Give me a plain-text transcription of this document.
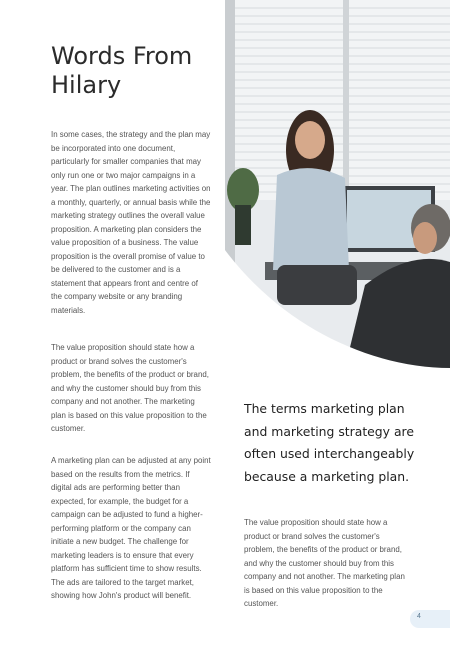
Words From Hilary

In some cases, the strategy and the plan may be incorporated into one document, particularly for smaller companies that may only run one or two major campaigns in a year. The plan outlines marketing activities on a monthly, quarterly, or annual basis while the marketing strategy outlines the overall value proposition. A marketing plan considers the value proposition of a business. The value proposition is the overall promise of value to be delivered to the customer and is a statement that appears front and centre of the company website or any branding materials.

The value proposition should state how a product or brand solves the customer's problem, the benefits of the product or brand, and why the customer should buy from this company and not another. The marketing plan is based on this value proposition to the customer.

A marketing plan can be adjusted at any point based on the results from the metrics. If digital ads are performing better than expected, for example, the budget for a campaign can be adjusted to fund a higher-performing platform or the company can initiate a new budget. The challenge for marketing leaders is to ensure that every platform has sufficient time to show results. The ads are tailored to the target market, showing how John's product will benefit.

The terms marketing plan and marketing strategy are often used interchangeably because a marketing plan.

The value proposition should state how a product or brand solves the customer's problem, the benefits of the product or brand, and why the customer should buy from this company and not another. The marketing plan is based on this value proposition to the customer.

4
